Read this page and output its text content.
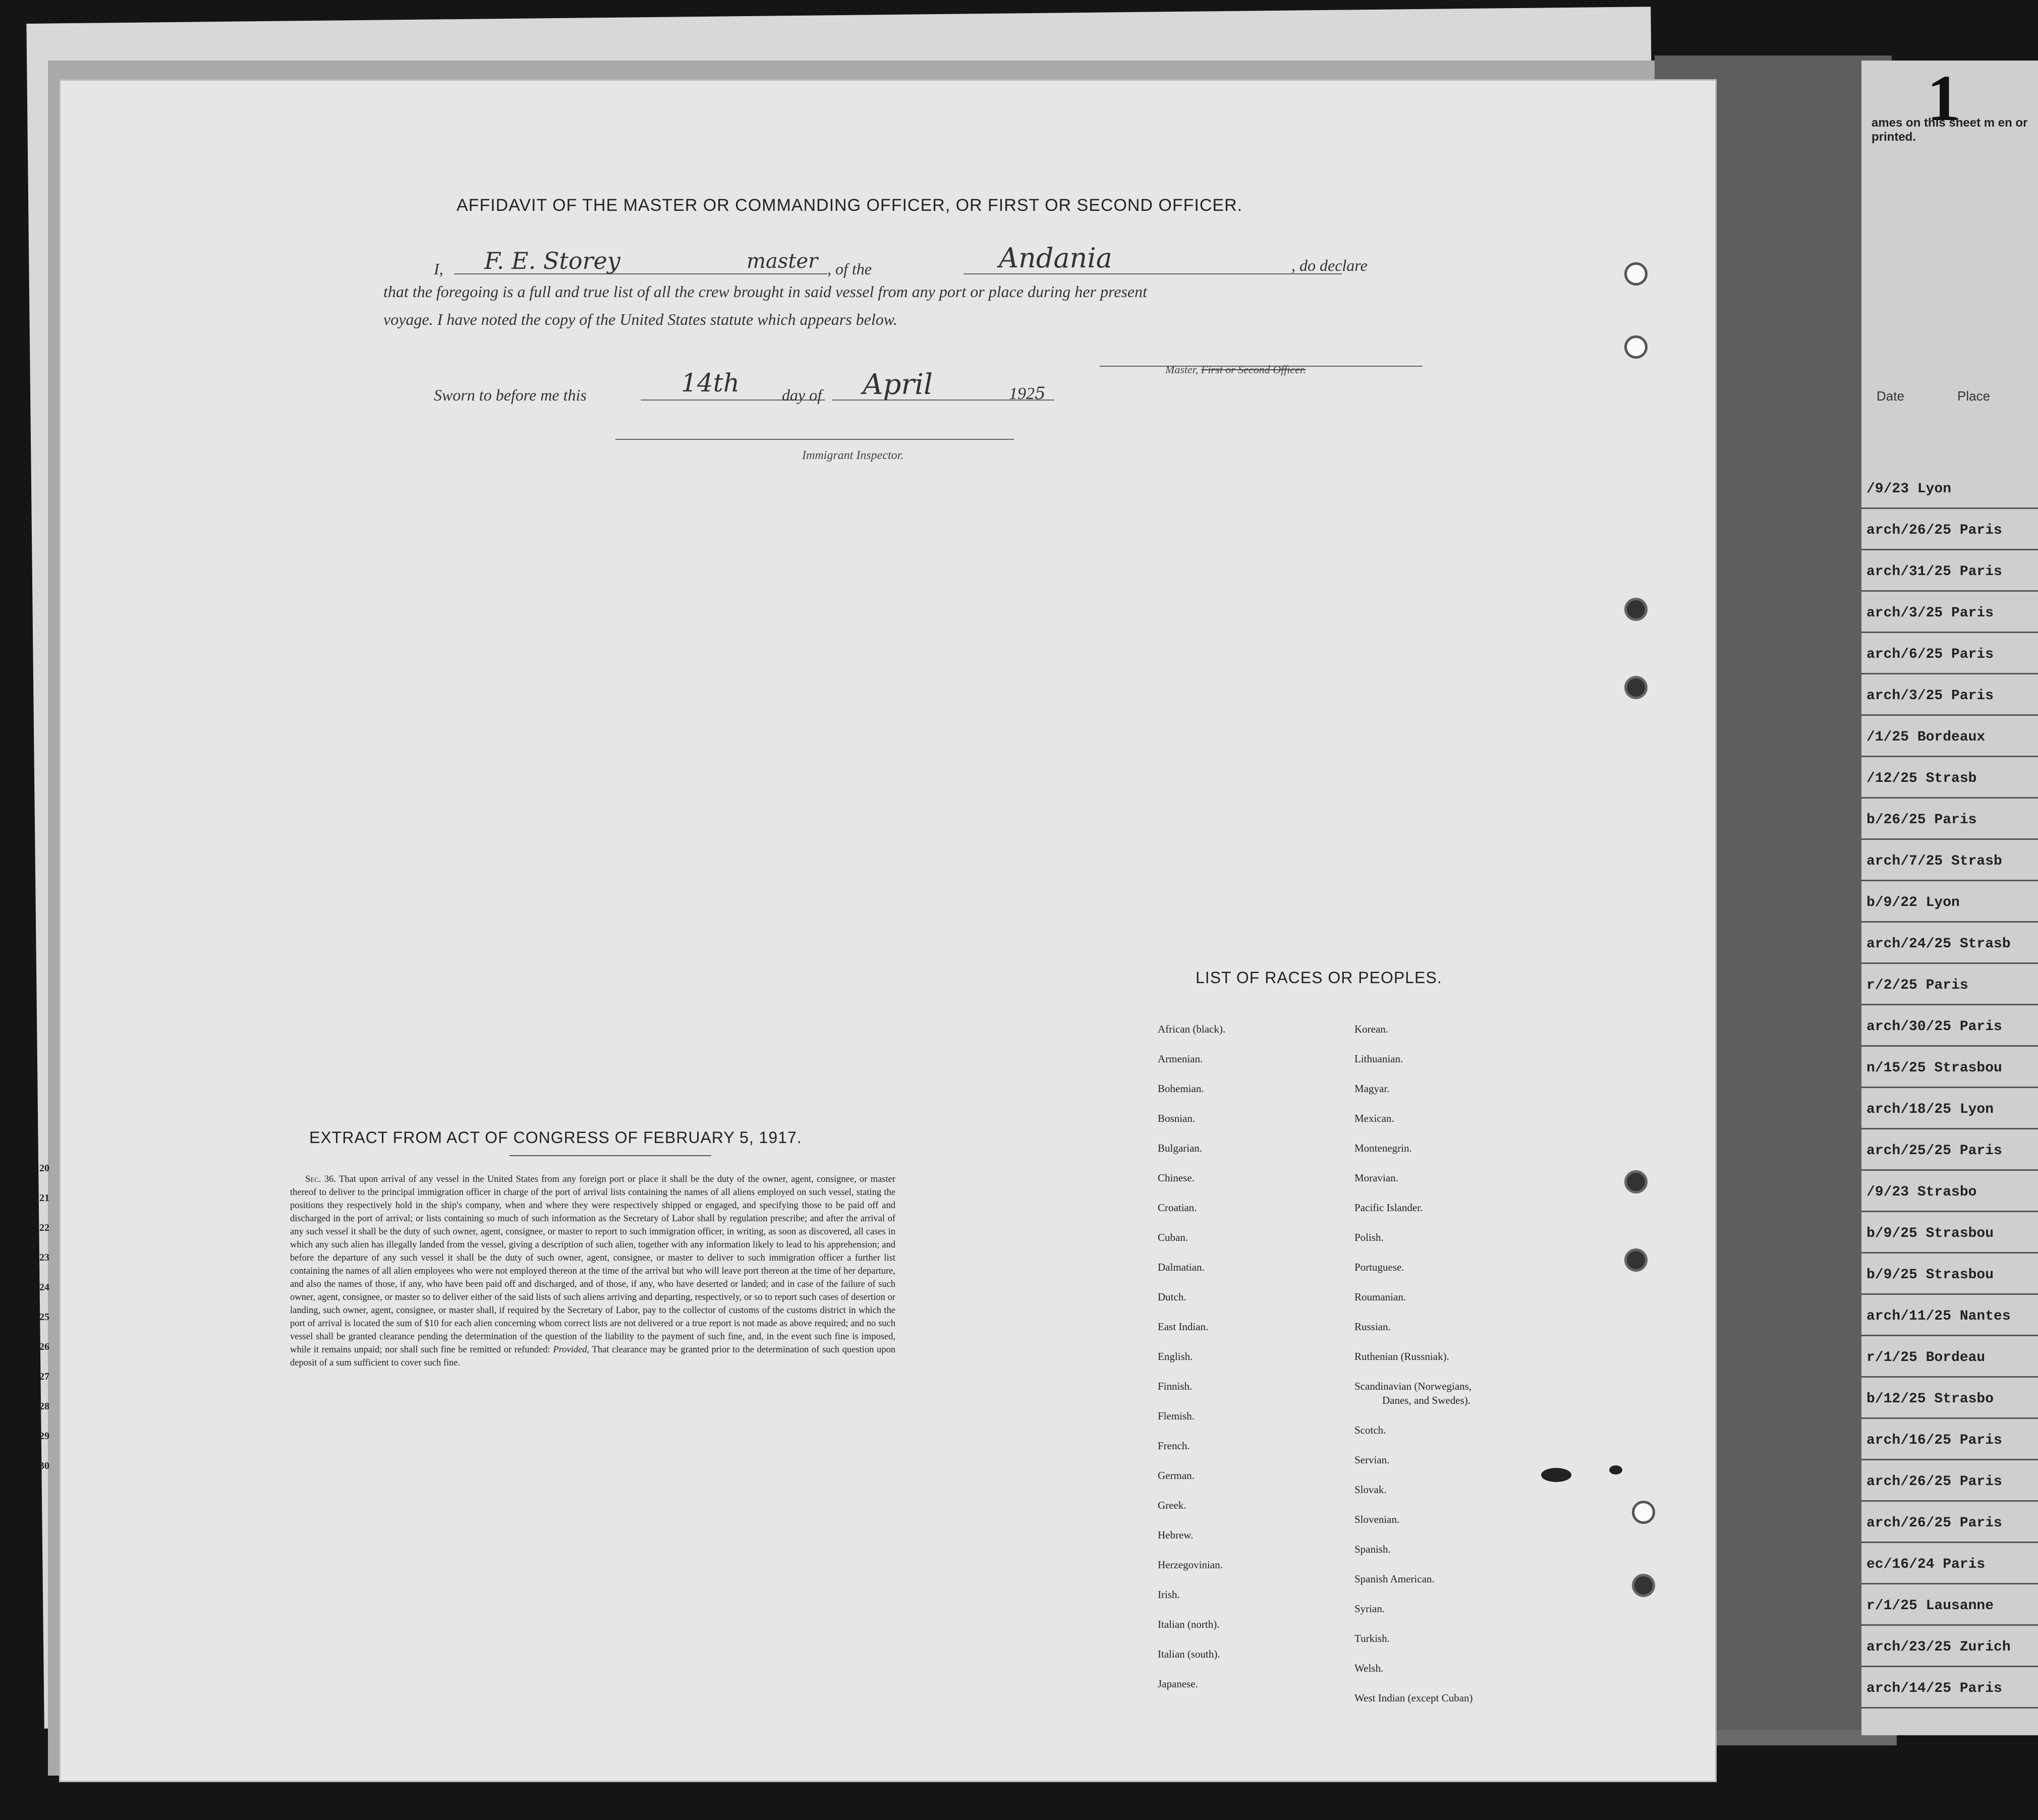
1
ames on this sheet m en or printed.
Date	Place
/9/23 Lyon
arch/26/25 Paris
arch/31/25 Paris
arch/3/25 Paris
arch/6/25 Paris
arch/3/25 Paris
/1/25 Bordeaux
/12/25 Strasb
b/26/25 Paris
arch/7/25 Strasb
b/9/22 Lyon
arch/24/25 Strasb
r/2/25 Paris
arch/30/25 Paris
n/15/25 Strasbou
arch/18/25 Lyon
arch/25/25 Paris
/9/23 Strasbo
b/9/25 Strasbou
b/9/25 Strasbou
arch/11/25 Nantes
r/1/25 Bordeau
b/12/25 Strasbo
arch/16/25 Paris
arch/26/25 Paris
arch/26/25 Paris
ec/16/24 Paris
r/1/25 Lausanne
arch/23/25 Zurich
arch/14/25 Paris
AFFIDAVIT OF THE MASTER OR COMMANDING OFFICER, OR FIRST OR SECOND OFFICER.
I, F. E. Storey	master , of the	Andania	, do declare
that the foregoing is a full and true list of all the crew brought in said vessel from any port or place during her present
voyage. I have noted the copy of the United States statute which appears below.
Master, First or Second Officer.
Sworn to before me this	14th	day of April	1925
Immigrant Inspector.
EXTRACT FROM ACT OF CONGRESS OF FEBRUARY 5, 1917.
Sec. 36. That upon arrival of any vessel in the United States from any foreign port or place it shall be the duty of the owner, agent, consignee, or master thereof to deliver to the principal immigration officer in charge of the port of arrival lists containing the names of all aliens employed on such vessel, stating the positions they respectively hold in the ship's company, when and where they were respectively shipped or engaged, and specifying those to be paid off and discharged in the port of arrival; or lists containing so much of such information as the Secretary of Labor shall by regulation prescribe; and after the arrival of any such vessel it shall be the duty of such owner, agent, consignee, or master to report to such immigration officer, in writing, as soon as discovered, all cases in which any such alien has illegally landed from the vessel, giving a description of such alien, together with any information likely to lead to his apprehension; and before the departure of any such vessel it shall be the duty of such owner, agent, consignee, or master to deliver to such immigration officer a further list containing the names of all alien employees who were not employed thereon at the time of the arrival but who will leave port thereon at the time of her departure, and also the names of those, if any, who have been paid off and discharged, and of those, if any, who have deserted or landed; and in case of the failure of such owner, agent, consignee, or master so to deliver either of the said lists of such aliens arriving and departing, respectively, or so to report such cases of desertion or landing, such owner, agent, consignee, or master shall, if required by the Secretary of Labor, pay to the collector of customs of the customs district in which the port of arrival is located the sum of $10 for each alien concerning whom correct lists are not delivered or a true report is not made as above required; and no such vessel shall be granted clearance pending the determination of the question of the liability to the payment of such fine, and, in the event such fine is imposed, while it remains unpaid; nor shall such fine be remitted or refunded: Provided, That clearance may be granted prior to the determination of such question upon deposit of a sum sufficient to cover such fine.
LIST OF RACES OR PEOPLES.
African (black).
Armenian.
Bohemian.
Bosnian.
Bulgarian.
Chinese.
Croatian.
Cuban.
Dalmatian.
Dutch.
East Indian.
English.
Finnish.
Flemish.
French.
German.
Greek.
Hebrew.
Herzegovinian.
Irish.
Italian (north).
Italian (south).
Japanese.
Korean.
Lithuanian.
Magyar.
Mexican.
Montenegrin.
Moravian.
Pacific Islander.
Polish.
Portuguese.
Roumanian.
Russian.
Ruthenian (Russniak).
Scandinavian (Norwegians,
Danes, and Swedes).
Scotch.
Servian.
Slovak.
Slovenian.
Spanish.
Spanish American.
Syrian.
Turkish.
Welsh.
West Indian (except Cuban)
20
21
22
23
24
25
26
27
28
29
30
